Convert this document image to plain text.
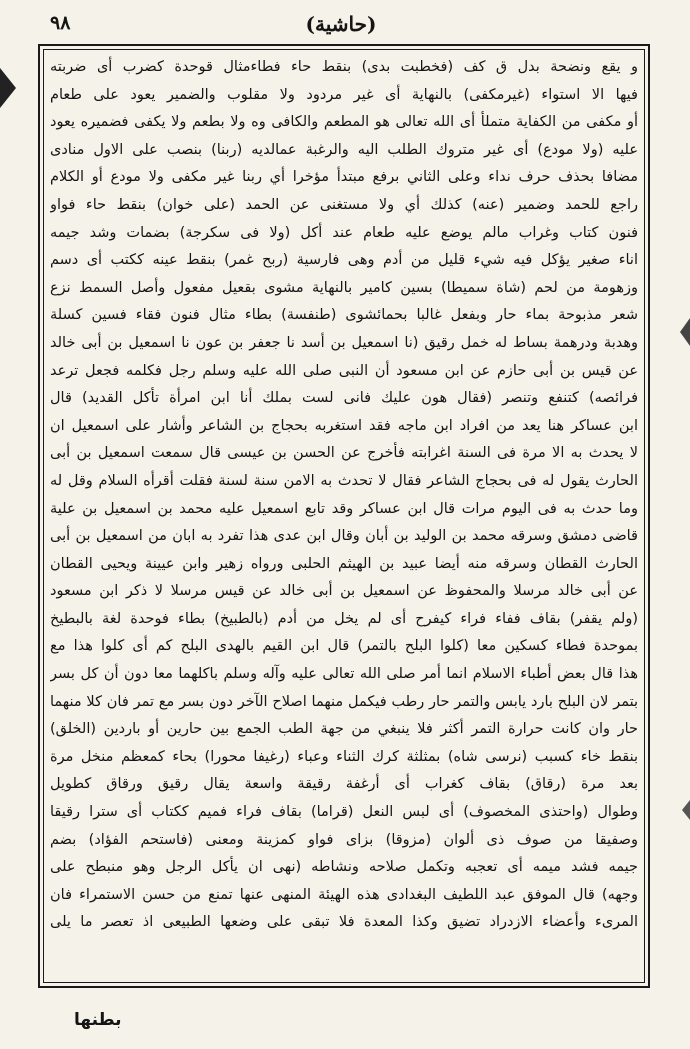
٩٨	(حاشية)
و يقع ونضحة بدل ق كف (فخطبت بدى) بنقط حاء فطاءمثال قوحدة كضرب أى ضربته
فيها الا استواء (غيرمكفى) بالنهاية أى غير مردود ولا مقلوب والضمير يعود على طعام
أو مكفى من الكفاية متملأ أى الله تعالى هو المطعم والكافى وه ولا بطعم ولا يكفى فضميره يعود
عليه (ولا مودع) أى غير متروك الطلب اليه والرغبة عمالديه (ربنا) بنصب على الاول منادى
مضافا بحذف حرف نداء وعلى الثاني برفع مبتدأ مؤخرا أي ربنا غير مكفى ولا مودع أو الكلام
راجع للحمد وضمير (عنه) كذلك أي ولا مستغنى عن الحمد (على خوان) بنقط حاء فواو
فنون كتاب وغراب مالم يوضع عليه طعام عند أكل (ولا فى سكرجة) بضمات وشد جيمه
اناء صغير يؤكل فيه شيء قليل من أدم وهى فارسية (ربح غمر) بنقط عينه ككتب أى دسم
وزهومة من لحم (شاة سميطا) بسين كامير بالنهاية مشوى بقعيل مفعول وأصل السمط نزع
شعر مذبوحة بماء حار وبفعل غالبا بحمائشوى (طنفسة) بطاء مثال فنون فقاء فسين كسلة
وهدبة ودرهمة بساط له خمل رقيق (نا اسمعيل بن أسد نا جعفر بن عون نا اسمعيل بن أبى خالد
عن قيس بن أبى حازم عن ابن مسعود أن النبى صلى الله عليه وسلم رجل فكلمه فجعل ترعد
فرائصه) كتنفع وتنصر (فقال هون عليك فانى لست بملك أنا ابن امرأة تأكل القديد) قال
ابن عساكر هنا يعد من افراد ابن ماجه فقد استغربه بحجاج بن الشاعر وأشار على اسمعيل ان
لا يحدث به الا مرة فى السنة اغرابته فأخرج عن الحسن بن عيسى قال سمعت اسمعيل بن أبى
الحارث يقول له فى بحجاج الشاعر فقال لا تحدث به الامن سنة لسنة فقلت أقرأه السلام وقل له
وما حدث به فى اليوم مرات قال ابن عساكر وقد تابع اسمعيل عليه محمد بن اسمعيل بن علية
قاضى دمشق وسرقه محمد بن الوليد بن أبان وقال ابن عدى هذا تفرد به ابان من اسمعيل بن أبى
الحارث القطان وسرقه منه أيضا عبيد بن الهيثم الحلبى ورواه زهير وابن عيينة ويحيى القطان
عن أبى خالد مرسلا والمحفوظ عن اسمعيل بن أبى خالد عن قيس مرسلا لا ذكر ابن مسعود
(ولم يقفر) بقاف ففاء فراء كيفرح أى لم يخل من أدم (بالطبيخ) بطاء فوحدة لغة بالبطيخ
بموحدة فطاء كسكين معا (كلوا البلح بالتمر) قال ابن القيم بالهدى البلح كم أى كلوا هذا مع
هذا قال بعض أطباء الاسلام انما أمر صلى الله تعالى عليه وآله وسلم باكلهما معا دون أن كل بسر
بتمر لان البلح بارد يابس والتمر حار رطب فيكمل منهما اصلاح الآخر دون بسر مع تمر فان كلا منهما
حار وان كانت حرارة التمر أكثر فلا ينبغي من جهة الطب الجمع بين حارين أو باردين (الخلق)
بنقط خاء كسبب (نرسى شاه) بمثلثة كرك الثناء وعباء (رغيفا محورا) بحاء كمعظم منخل مرة
بعد مرة (رقاق) بقاف كغراب أى أرغفة رقيقة واسعة يقال رقيق ورقاق كطويل
وطوال (واحتذى المخصوف) أى لبس النعل (قراما) بقاف فراء فميم ككتاب أى سترا رقيقا
وصفيقا من صوف ذى ألوان (مزوقا) بزاى فواو كمزينة ومعنى (فاستحم الفؤاد) بضم
جيمه فشد ميمه أى تعجبه وتكمل صلاحه ونشاطه (نهى ان يأكل الرجل وهو منبطح على
وجهه) قال الموفق عبد اللطيف البغدادى هذه الهيئة المنهى عنها تمنع من حسن الاستمراء فان
المرىء وأعضاء الازدراد تضيق وكذا المعدة فلا تبقى على وضعها الطبيعى اذ تعصر ما يلى
بطنها
